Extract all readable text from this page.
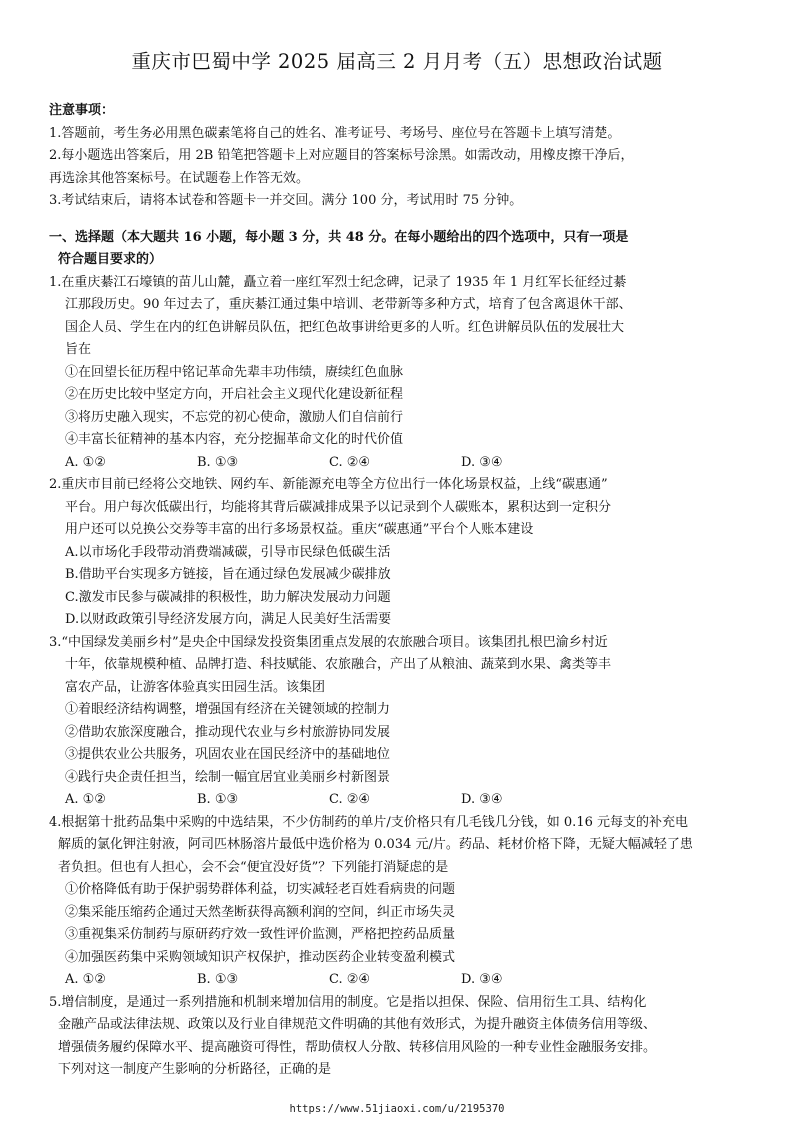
重庆市巴蜀中学 2025 届高三 2 月月考（五）思想政治试题
注意事项：
1.答题前，考生务必用黑色碳素笔将自己的姓名、准考证号、考场号、座位号在答题卡上填写清楚。
2.每小题选出答案后，用 2B 铅笔把答题卡上对应题目的答案标号涂黑。如需改动，用橡皮擦干净后，
再选涂其他答案标号。在试题卷上作答无效。
3.考试结束后，请将本试卷和答题卡一并交回。满分 100 分，考试用时 75 分钟。
一、选择题（本大题共 16 小题，每小题 3 分，共 48 分。在每小题给出的四个选项中，只有一项是
符合题目要求的）
1.在重庆綦江石壕镇的苗儿山麓，矗立着一座红军烈士纪念碑，记录了 1935 年 1 月红军长征经过綦
江那段历史。90 年过去了，重庆綦江通过集中培训、老带新等多种方式，培育了包含离退休干部、
国企人员、学生在内的红色讲解员队伍，把红色故事讲给更多的人听。红色讲解员队伍的发展壮大
旨在
①在回望长征历程中铭记革命先辈丰功伟绩，赓续红色血脉
②在历史比较中坚定方向，开启社会主义现代化建设新征程
③将历史融入现实，不忘党的初心使命，激励人们自信前行
④丰富长征精神的基本内容，充分挖掘革命文化的时代价值
A. ①②	B. ①③	C. ②④	D. ③④
2.重庆市目前已经将公交地铁、网约车、新能源充电等全方位出行一体化场景权益，上线“碳惠通”
平台。用户每次低碳出行，均能将其背后碳减排成果予以记录到个人碳账本，累积达到一定积分
用户还可以兑换公交券等丰富的出行多场景权益。重庆“碳惠通”平台个人账本建设
A.以市场化手段带动消费端减碳，引导市民绿色低碳生活
B.借助平台实现多方链接，旨在通过绿色发展减少碳排放
C.激发市民参与碳减排的积极性，助力解决发展动力问题
D.以财政政策引导经济发展方向，满足人民美好生活需要
3.“中国绿发美丽乡村”是央企中国绿发投资集团重点发展的农旅融合项目。该集团扎根巴渝乡村近
十年，依靠规模种植、品牌打造、科技赋能、农旅融合，产出了从粮油、蔬菜到水果、禽类等丰
富农产品，让游客体验真实田园生活。该集团
①着眼经济结构调整，增强国有经济在关键领域的控制力
②借助农旅深度融合，推动现代农业与乡村旅游协同发展
③提供农业公共服务，巩固农业在国民经济中的基础地位
④践行央企责任担当，绘制一幅宜居宜业美丽乡村新图景
A. ①②	B. ①③	C. ②④	D. ③④
4.根据第十批药品集中采购的中选结果，不少仿制药的单片/支价格只有几毛钱几分钱，如 0.16 元每支的补充电
解质的氯化钾注射液，阿司匹林肠溶片最低中选价格为 0.034 元/片。药品、耗材价格下降，无疑大幅减轻了患
者负担。但也有人担心，会不会“便宜没好货”？下列能打消疑虑的是
①价格降低有助于保护弱势群体利益，切实减轻老百姓看病贵的问题
②集采能压缩药企通过天然垄断获得高额利润的空间，纠正市场失灵
③重视集采仿制药与原研药疗效一致性评价监测，严格把控药品质量
④加强医药集中采购领域知识产权保护，推动医药企业转变盈利模式
A. ①②	B. ①③	C. ②④	D. ③④
5.增信制度，是通过一系列措施和机制来增加信用的制度。它是指以担保、保险、信用衍生工具、结构化
金融产品或法律法规、政策以及行业自律规范文件明确的其他有效形式，为提升融资主体债务信用等级、
增强债务履约保障水平、提高融资可得性，帮助债权人分散、转移信用风险的一种专业性金融服务安排。
下列对这一制度产生影响的分析路径，正确的是
https://www.51jiaoxi.com/u/2195370
